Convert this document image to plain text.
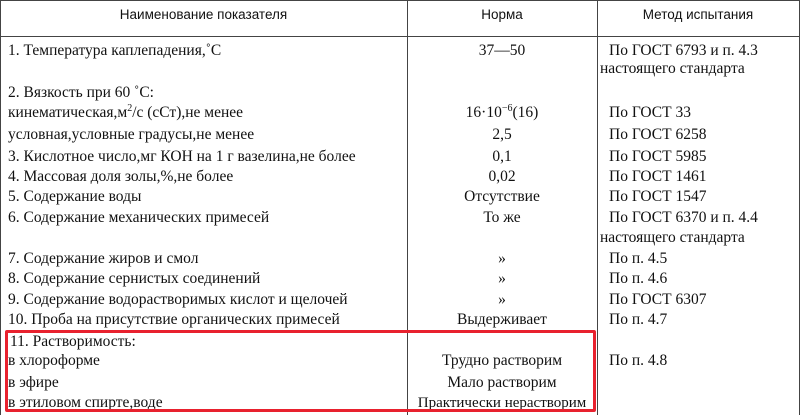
Наименование показателя	Норма	Метод испытания
1. Температура каплепадения,˚С	37—50	По ГОСТ 6793 и п. 4.3
настоящего стандарта
2. Вязкость при 60 ˚С:
$кинематическая,м^2/с$ (сСт),не менее	$16\cdot 10^{-6}(16)$	По ГОСТ 33
условная,условные градусы,не менее	2,5	По ГОСТ 6258
3. Кислотное число,мг КОН на 1 г вазелина,не более	0,1	По ГОСТ 5985
4. Массовая доля золы,%,не более	0,02	По ГОСТ 1461
5. Содержание воды	Отсутствие	По ГОСТ 1547
6. Содержание механических примесей	То же	По ГОСТ 6370 и п. 4.4
настоящего стандарта
7. Содержание жиров и смол	»	По п. 4.5
8. Содержание сернистых соединений	»	По п. 4.6
9. Содержание водорастворимых кислот и щелочей	»	По ГОСТ 6307
10. Проба на присутствие органических примесей	Выдерживает	По п. 4.7
11. Растворимость:
в хлороформе	Трудно растворим	По п. 4.8
в эфире	Мало растворим
в этиловом спирте,воде	Практически нерастворим
